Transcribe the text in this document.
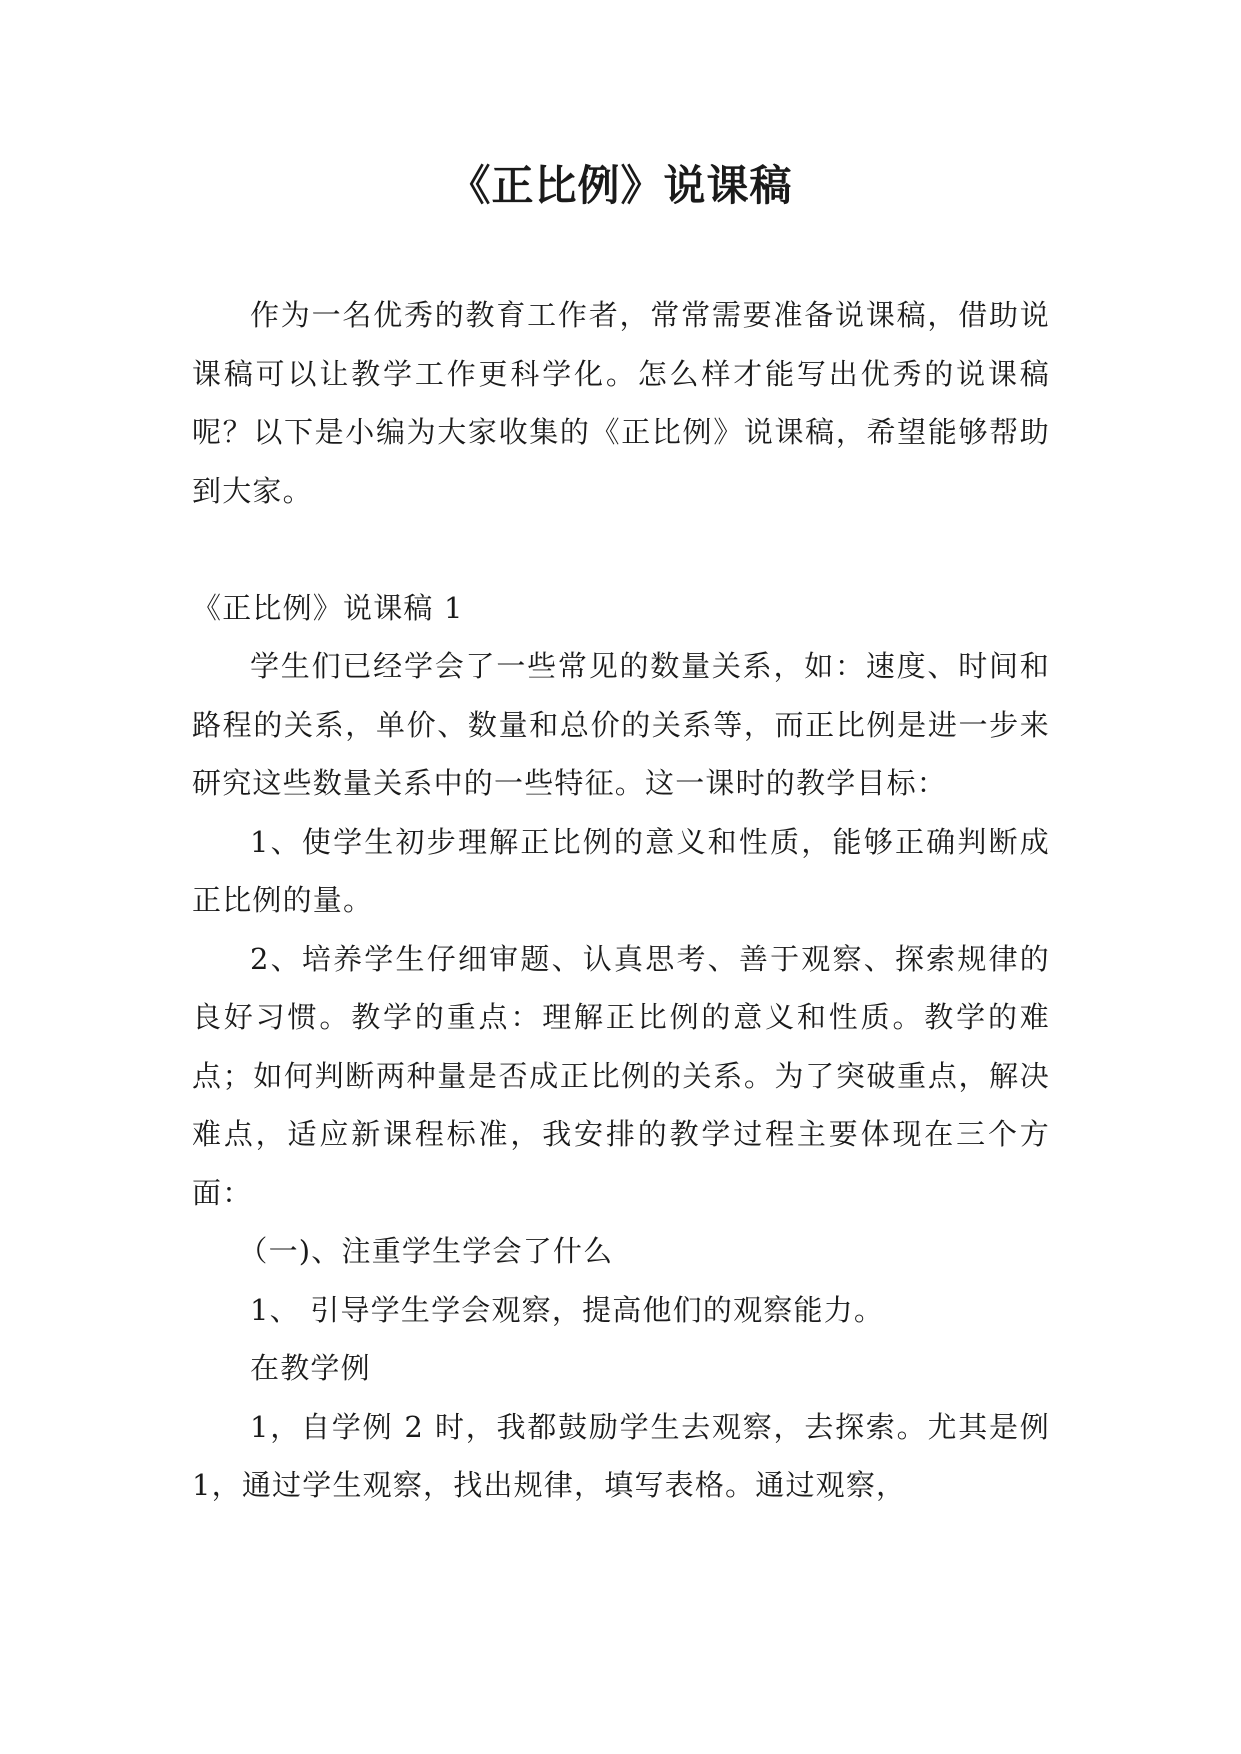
《正比例》说课稿

作为一名优秀的教育工作者，常常需要准备说课稿，借助说课稿可以让教学工作更科学化。怎么样才能写出优秀的说课稿呢？以下是小编为大家收集的《正比例》说课稿，希望能够帮助到大家。

《正比例》说课稿 1

学生们已经学会了一些常见的数量关系，如：速度、时间和路程的关系，单价、数量和总价的关系等，而正比例是进一步来研究这些数量关系中的一些特征。这一课时的教学目标：

1、使学生初步理解正比例的意义和性质，能够正确判断成正比例的量。

2、培养学生仔细审题、认真思考、善于观察、探索规律的良好习惯。教学的重点：理解正比例的意义和性质。教学的难点；如何判断两种量是否成正比例的关系。为了突破重点，解决难点，适应新课程标准，我安排的教学过程主要体现在三个方面：

（一)、注重学生学会了什么

1、 引导学生学会观察，提高他们的观察能力。

在教学例

1，自学例 2 时，我都鼓励学生去观察，去探索。尤其是例 1，通过学生观察，找出规律，填写表格。通过观察，
